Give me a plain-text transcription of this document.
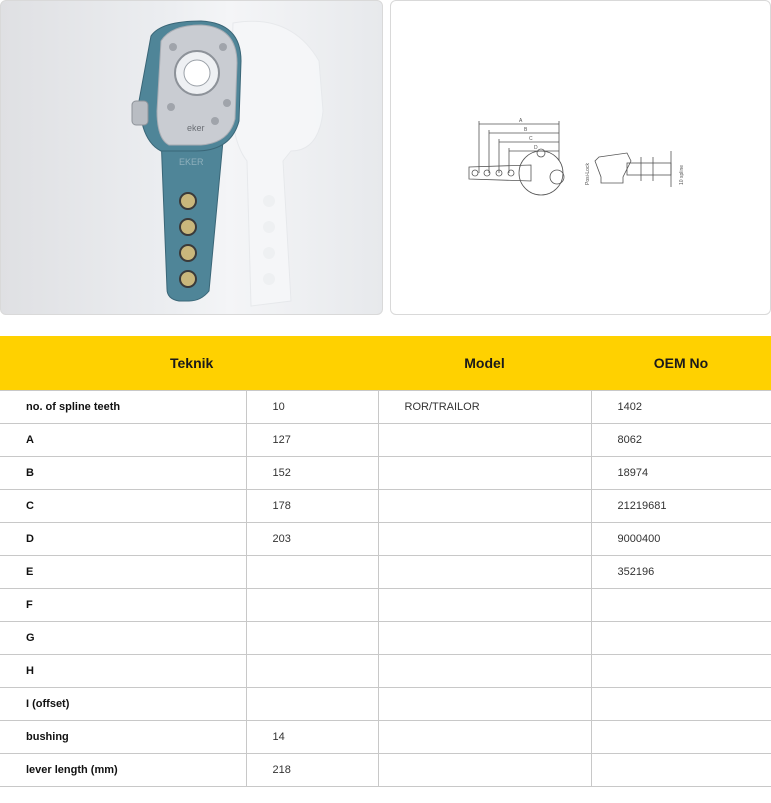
eker
EKER
A
B
C
D
Posi-Lock	10 spline
Teknik		Model	OEM No
no. of spline teeth	10	ROR/TRAILOR	1402
A	127		8062
B	152		18974
C	178		21219681
D	203		9000400
E			352196
F			
G			
H			
I (offset)			
bushing	14		
lever length (mm)	218		
